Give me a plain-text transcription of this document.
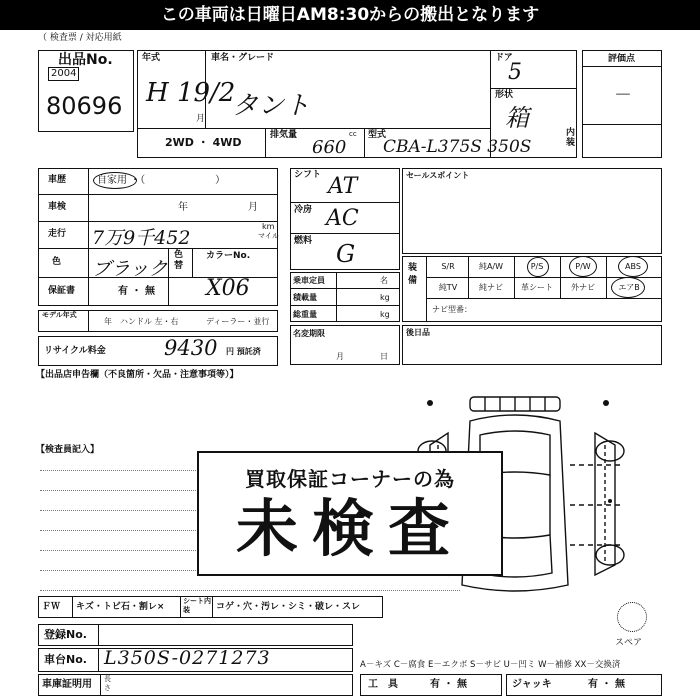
この車両は日曜日AM8:30からの搬出となります
（ 検査票 / 対応用紙
出品No.
2004
80696
年式
H 19/2
月
車名・グレード
タント
ドア
5
形状
箱
2WD ・ 4WD
排気量
660
cc 型式
CBA-L375S 350S
評価点
－
内装
車歴	自家用 ・（　　　　　　　）
車検	年	月
走行 7万9千452
km
マイル
色 ブラック
色替
カラーNo.
保証書	有 ・ 無 X06
モデル年式
年 ハンドル 左・右	ディーラー・並行
リサイクル料金	9430 円 預託済
【出品店申告欄（不良箇所・欠品・注意事項等）】
【検査員記入】
シフト AT
冷房 AC
燃料 G
乗車定員	名
積載量	kg
総重量	kg
名変期限
月	日
セールスポイント
装備
S/R	純A/W	P/S	P/W	ABS
純TV	純ナビ	革シート	外ナビ	エアB
ナビ型番：
後日品
買取保証コーナーの為
未検査
スペア
ＦＷ キズ・トビ石・割レ×
シート内装	コゲ・穴・汚レ・シミ・破レ・スレ
登録No.
車台No. L350S-0271273	A－キズ C－腐食 E－エクボ S－サビ U－凹ミ W－補修 XX－交換済
車庫証明用 長さ	工　具	有 ・ 無	ジャッキ	有 ・ 無
